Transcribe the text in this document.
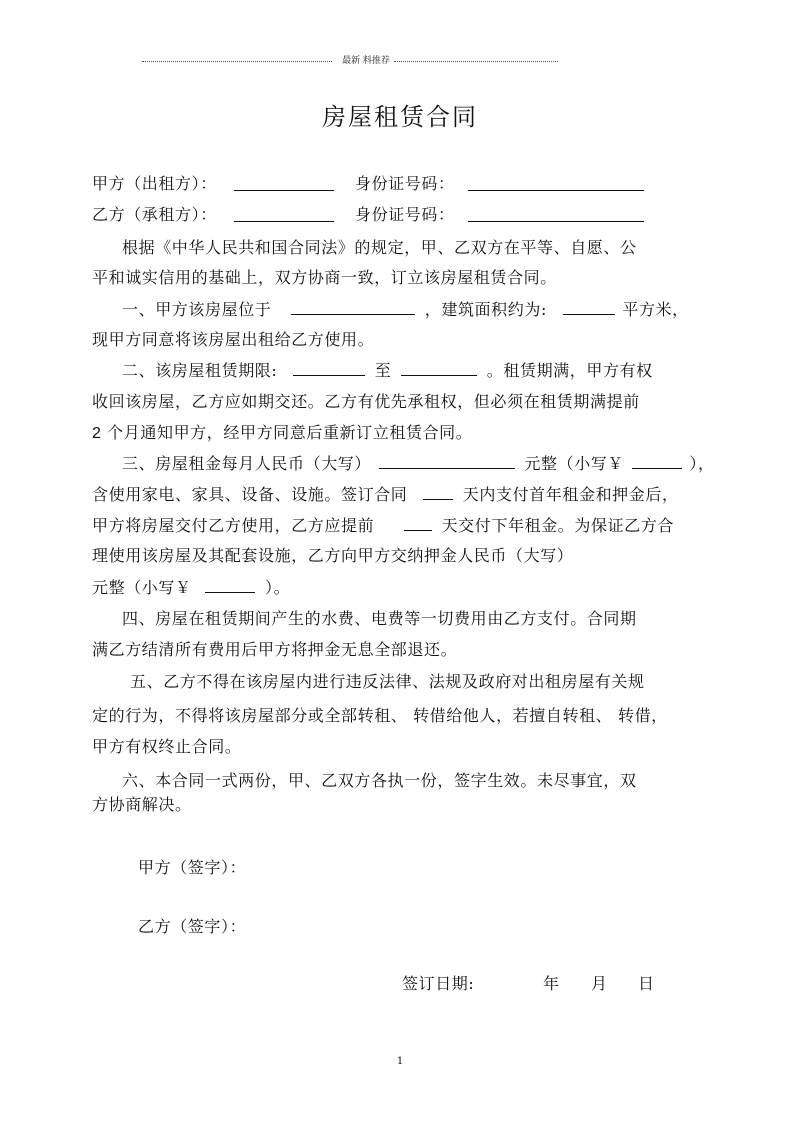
最新 料推荐
房屋租赁合同
甲方（出租方）：	身份证号码：
乙方（承租方）：	身份证号码：
根据《中华人民共和国合同法》的规定，甲、乙双方在平等、自愿、公
平和诚实信用的基础上，双方协商一致，订立该房屋租赁合同。
一、甲方该房屋位于	，建筑面积约为:	平方米，
现甲方同意将该房屋出租给乙方使用。
二、该房屋租赁期限:	至	。租赁期满，甲方有权
收回该房屋，乙方应如期交还。乙方有优先承租权，但必须在租赁期满提前
2 个月通知甲方，经甲方同意后重新订立租赁合同。
三、房屋租金每月人民币（大写）	元整（小写￥	），
含使用家电、家具、设备、设施。签订合同	天内支付首年租金和押金后，
甲方将房屋交付乙方使用，乙方应提前	天交付下年租金。为保证乙方合
理使用该房屋及其配套设施，乙方向甲方交纳押金人民币（大写）
元整（小写￥	）。
四、房屋在租赁期间产生的水费、电费等一切费用由乙方支付。合同期
满乙方结清所有费用后甲方将押金无息全部退还。
五、乙方不得在该房屋内进行违反法律、法规及政府对出租房屋有关规
定的行为，不得将该房屋部分或全部转租、 转借给他人，若擅自转租、 转借，
甲方有权终止合同。
六、本合同一式两份，甲、乙双方各执一份，签字生效。未尽事宜，双
方协商解决。
甲方（签字）：
乙方（签字）：
签订日期:	年 月 日
1
